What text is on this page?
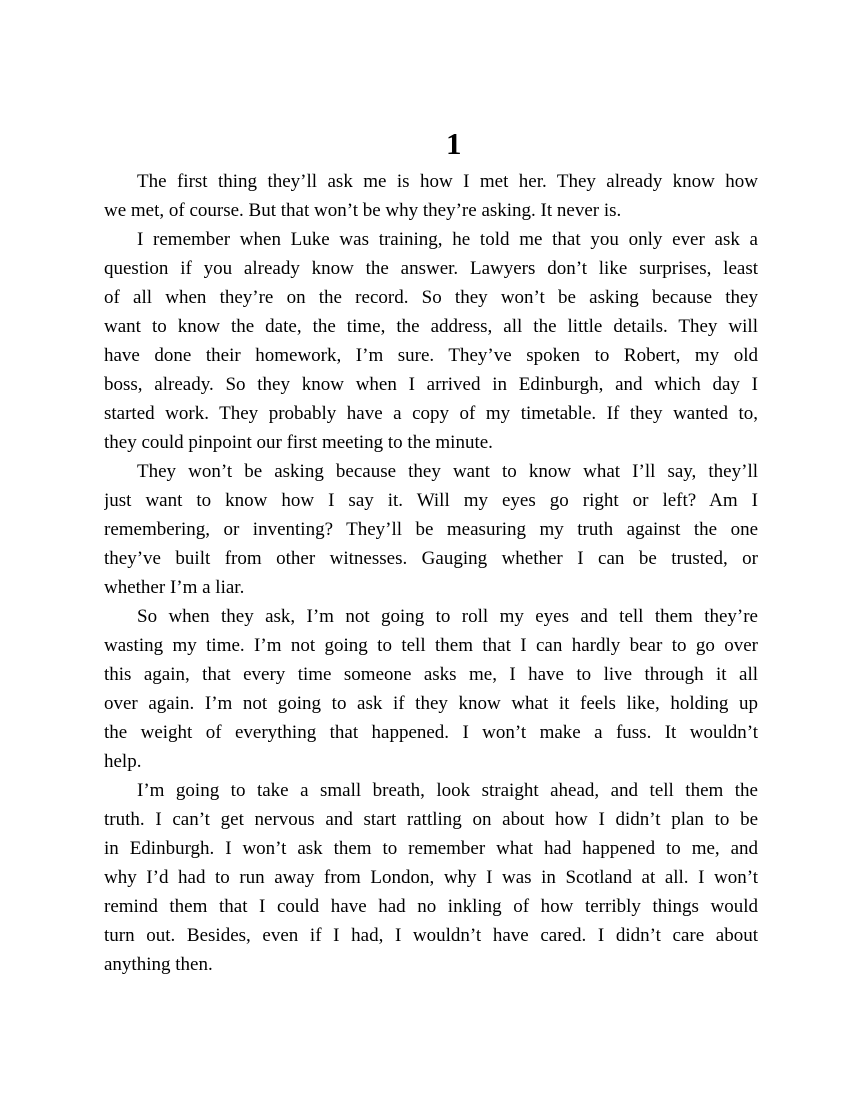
1
The first thing they’ll ask me is how I met her. They already know how
we met, of course. But that won’t be why they’re asking. It never is.
I remember when Luke was training, he told me that you only ever ask a
question if you already know the answer. Lawyers don’t like surprises, least
of all when they’re on the record. So they won’t be asking because they
want to know the date, the time, the address, all the little details. They will
have done their homework, I’m sure. They’ve spoken to Robert, my old
boss, already. So they know when I arrived in Edinburgh, and which day I
started work. They probably have a copy of my timetable. If they wanted to,
they could pinpoint our first meeting to the minute.
They won’t be asking because they want to know what I’ll say, they’ll
just want to know how I say it. Will my eyes go right or left? Am I
remembering, or inventing? They’ll be measuring my truth against the one
they’ve built from other witnesses. Gauging whether I can be trusted, or
whether I’m a liar.
So when they ask, I’m not going to roll my eyes and tell them they’re
wasting my time. I’m not going to tell them that I can hardly bear to go over
this again, that every time someone asks me, I have to live through it all
over again. I’m not going to ask if they know what it feels like, holding up
the weight of everything that happened. I won’t make a fuss. It wouldn’t
help.
I’m going to take a small breath, look straight ahead, and tell them the
truth. I can’t get nervous and start rattling on about how I didn’t plan to be
in Edinburgh. I won’t ask them to remember what had happened to me, and
why I’d had to run away from London, why I was in Scotland at all. I won’t
remind them that I could have had no inkling of how terribly things would
turn out. Besides, even if I had, I wouldn’t have cared. I didn’t care about
anything then.
